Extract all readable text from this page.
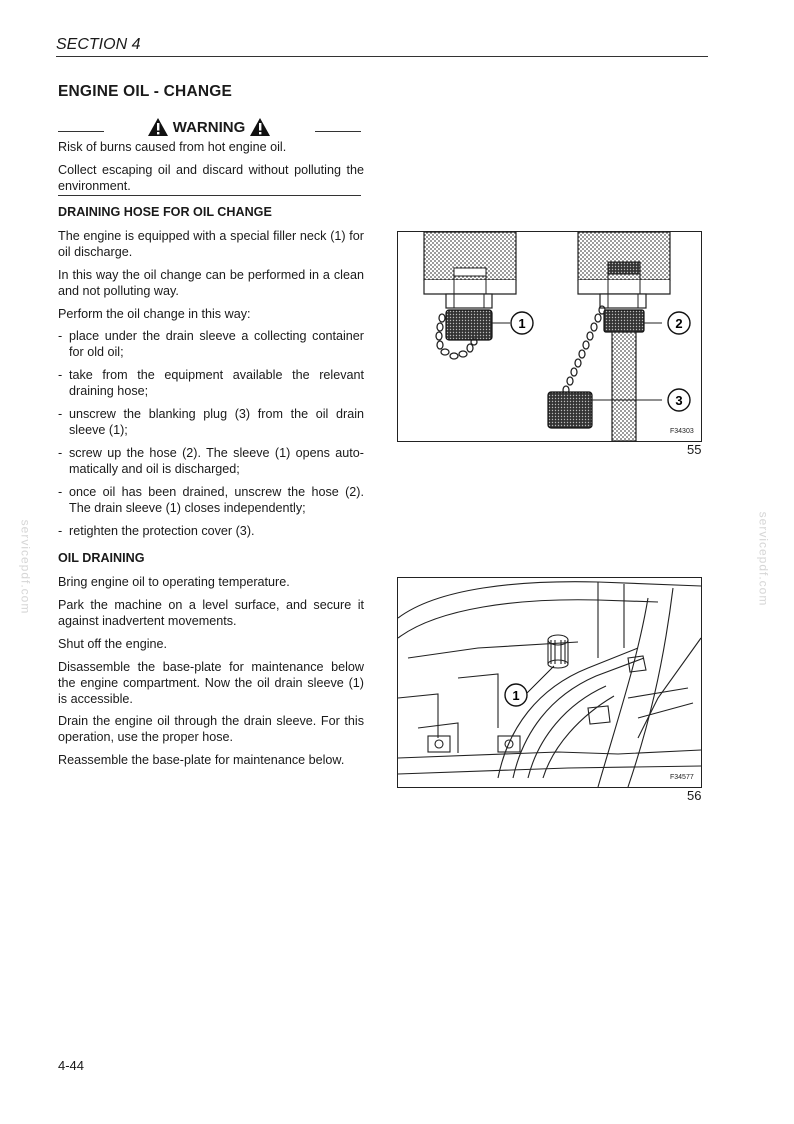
SECTION 4
ENGINE OIL - CHANGE
WARNING
Risk of burns caused from hot engine oil.
Collect escaping oil and discard without polluting the environment.
DRAINING HOSE FOR OIL CHANGE
The engine is equipped with a special filler neck (1) for oil discharge.
In this way the oil change can be performed in a clean and not polluting way.
Perform the oil change in this way:
- place under the drain sleeve a collecting container for old oil;
- take from the equipment available the relevant draining hose;
- unscrew the blanking plug (3) from the oil drain sleeve (1);
- screw up the hose (2). The sleeve (1) opens auto- matically and oil is discharged;
- once oil has been drained, unscrew the hose (2). The drain sleeve (1) closes independently;
- retighten the protection cover (3).
OIL DRAINING
Bring engine oil to operating temperature.
Park the machine on a level surface, and secure it against inadvertent movements.
Shut off the engine.
Disassemble the base-plate for maintenance below the engine compartment. Now the oil drain sleeve (1) is accessible.
Drain the engine oil through the drain sleeve. For this operation, use the proper hose.
Reassemble the base-plate for maintenance below.
1	2
3
F34303
55
1
F34577
56
servicepdf.com	servicepdf.com
4-44
